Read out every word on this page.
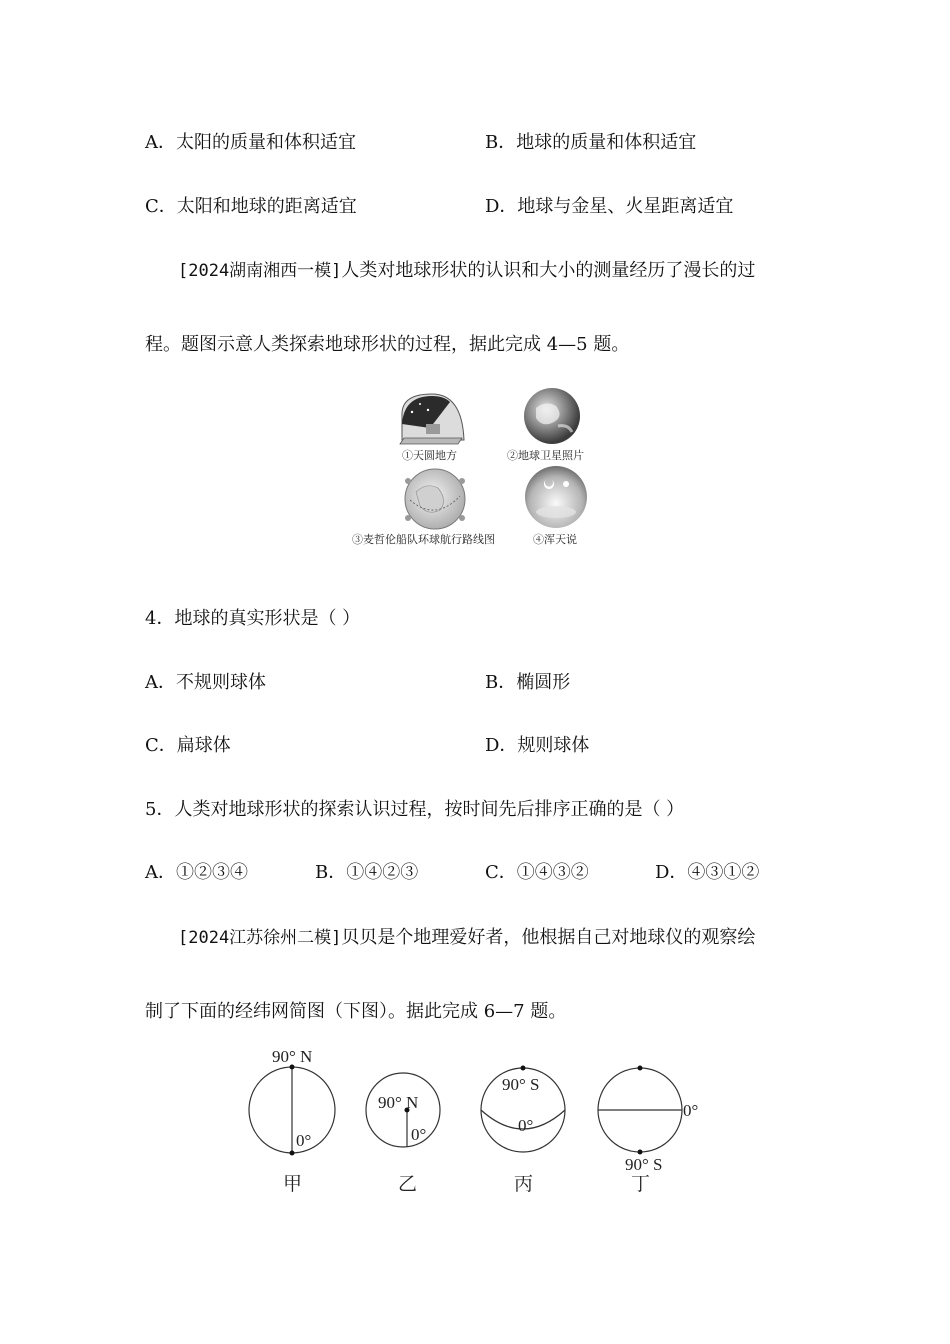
A．太阳的质量和体积适宜	B．地球的质量和体积适宜
C．太阳和地球的距离适宜	D．地球与金星、火星距离适宜
[2024湖南湘西一模]人类对地球形状的认识和大小的测量经历了漫长的过
程。题图示意人类探索地球形状的过程，据此完成 4—5 题。
①天圆地方	②地球卫星照片
③麦哲伦船队环球航行路线图	④浑天说
4．地球的真实形状是（ ）
A．不规则球体	B．椭圆形
C．扁球体	D．规则球体
5．人类对地球形状的探索认识过程，按时间先后排序正确的是（ ）
A．①②③④	B．①④②③	C．①④③②	D．④③①②
[2024江苏徐州二模]贝贝是个地理爱好者，他根据自己对地球仪的观察绘
制了下面的经纬网简图（下图）。据此完成 6—7 题。
90° N
0°
甲
90° N
0°
乙
90° S
0°
丙
0°
90° S
丁
